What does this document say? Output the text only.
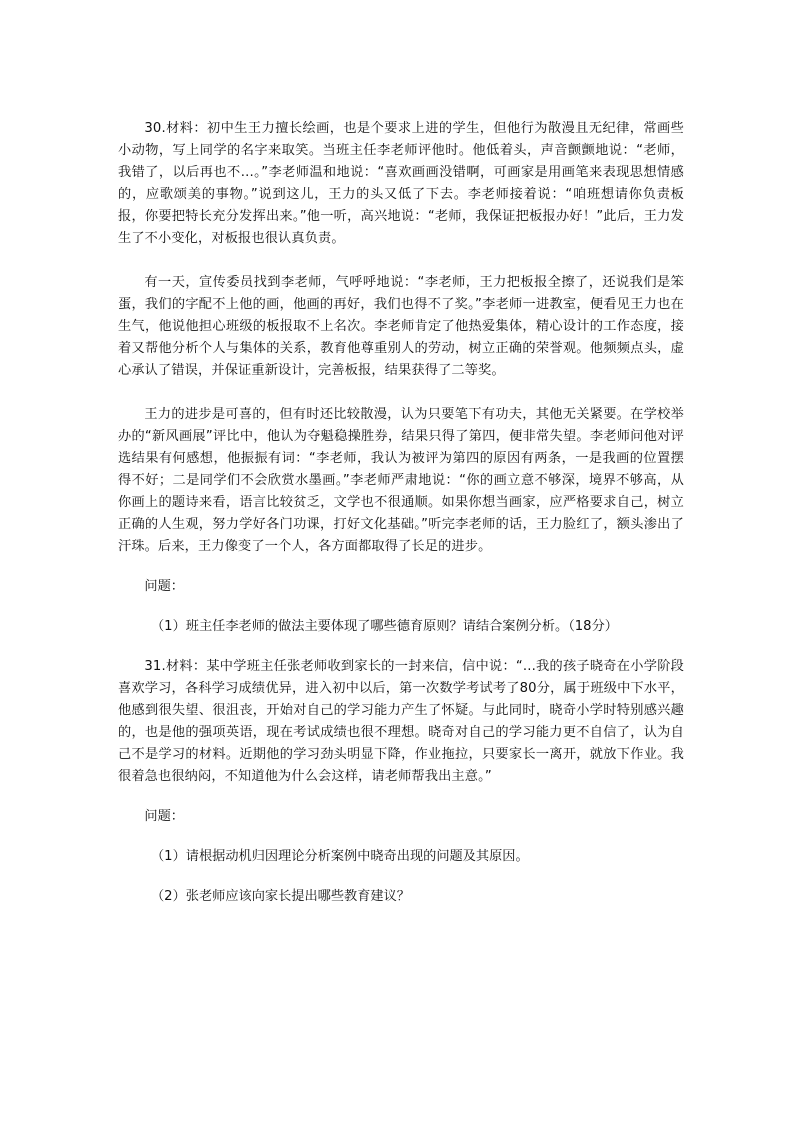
30.材料：初中生王力擅长绘画，也是个要求上进的学生，但他行为散漫且无纪律，常画些小动物，写上同学的名字来取笑。当班主任李老师评他时。他低着头，声音颤颤地说：“老师，我错了，以后再也不…。”李老师温和地说：“喜欢画画没错啊，可画家是用画笔来表现思想情感的，应歌颂美的事物。”说到这儿，王力的头又低了下去。李老师接着说：“咱班想请你负责板报，你要把特长充分发挥出来。”他一听，高兴地说：“老师，我保证把板报办好！”此后，王力发生了不小变化，对板报也很认真负责。

有一天，宣传委员找到李老师，气呼呼地说：“李老师，王力把板报全擦了，还说我们是笨蛋，我们的字配不上他的画，他画的再好，我们也得不了奖。”李老师一进教室，便看见王力也在生气，他说他担心班级的板报取不上名次。李老师肯定了他热爱集体，精心设计的工作态度，接着又帮他分析个人与集体的关系，教育他尊重别人的劳动，树立正确的荣誉观。他频频点头，虚心承认了错误，并保证重新设计，完善板报，结果获得了二等奖。

王力的进步是可喜的，但有时还比较散漫，认为只要笔下有功夫，其他无关紧要。在学校举办的“新风画展”评比中，他认为夺魁稳操胜券，结果只得了第四，便非常失望。李老师问他对评选结果有何感想，他振振有词：“李老师，我认为被评为第四的原因有两条，一是我画的位置摆得不好；二是同学们不会欣赏水墨画。”李老师严肃地说：“你的画立意不够深，境界不够高，从你画上的题诗来看，语言比较贫乏，文学也不很通顺。如果你想当画家，应严格要求自己，树立正确的人生观，努力学好各门功课，打好文化基础。”听完李老师的话，王力脸红了，额头渗出了汗珠。后来，王力像变了一个人，各方面都取得了长足的进步。

问题：

（1）班主任李老师的做法主要体现了哪些德育原则？请结合案例分析。（18分）

31.材料：某中学班主任张老师收到家长的一封来信，信中说：“...我的孩子晓奇在小学阶段喜欢学习，各科学习成绩优异，进入初中以后，第一次数学考试考了80分，属于班级中下水平，他感到很失望、很沮丧，开始对自己的学习能力产生了怀疑。与此同时，晓奇小学时特别感兴趣的，也是他的强项英语，现在考试成绩也很不理想。晓奇对自己的学习能力更不自信了，认为自己不是学习的材料。近期他的学习劲头明显下降，作业拖拉，只要家长一离开，就放下作业。我很着急也很纳闷，不知道他为什么会这样，请老师帮我出主意。”

问题：

（1）请根据动机归因理论分析案例中晓奇出现的问题及其原因。

（2）张老师应该向家长提出哪些教育建议？
